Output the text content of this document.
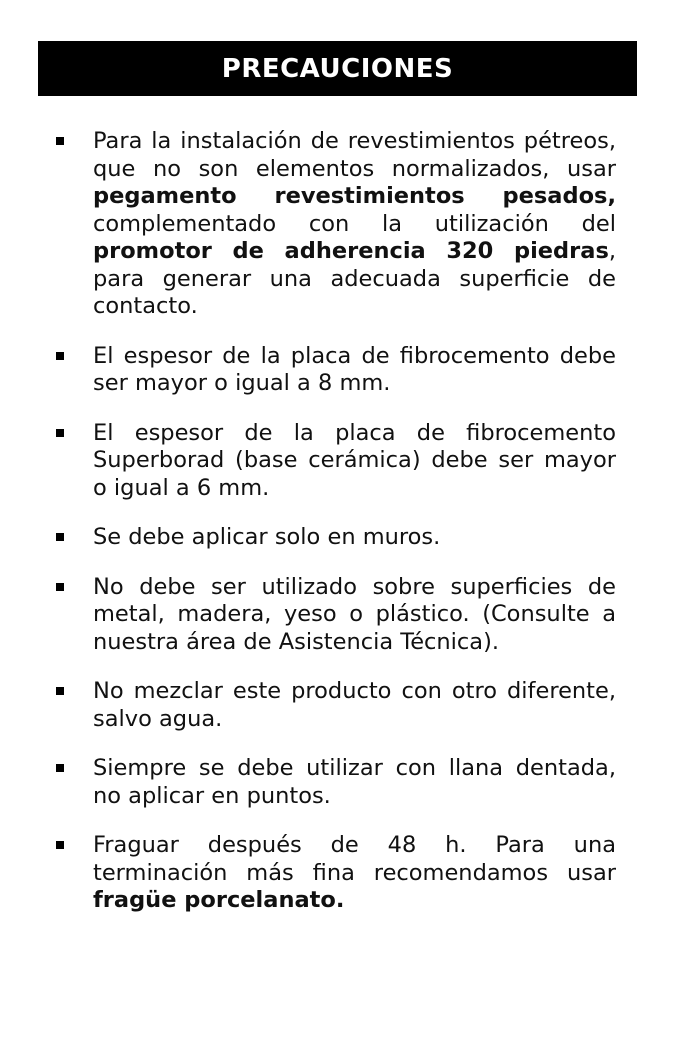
PRECAUCIONES
Para la instalación de revestimientos pétreos, que no son elementos normalizados, usar pegamento revestimientos pesados, complementado con la utilización del promotor de adherencia 320 piedras, para generar una adecuada superficie de contacto.
El espesor de la placa de fibrocemento debe ser mayor o igual a 8 mm.
El espesor de la placa de fibrocemento Superborad (base cerámica) debe ser mayor o igual a 6 mm.
Se debe aplicar solo en muros.
No debe ser utilizado sobre superficies de metal, madera, yeso o plástico. (Consulte a nuestra área de Asistencia Técnica).
No mezclar este producto con otro diferente, salvo agua.
Siempre se debe utilizar con llana dentada, no aplicar en puntos.
Fraguar después de 48 h. Para una terminación más fina recomendamos usar fragüe porcelanato.
